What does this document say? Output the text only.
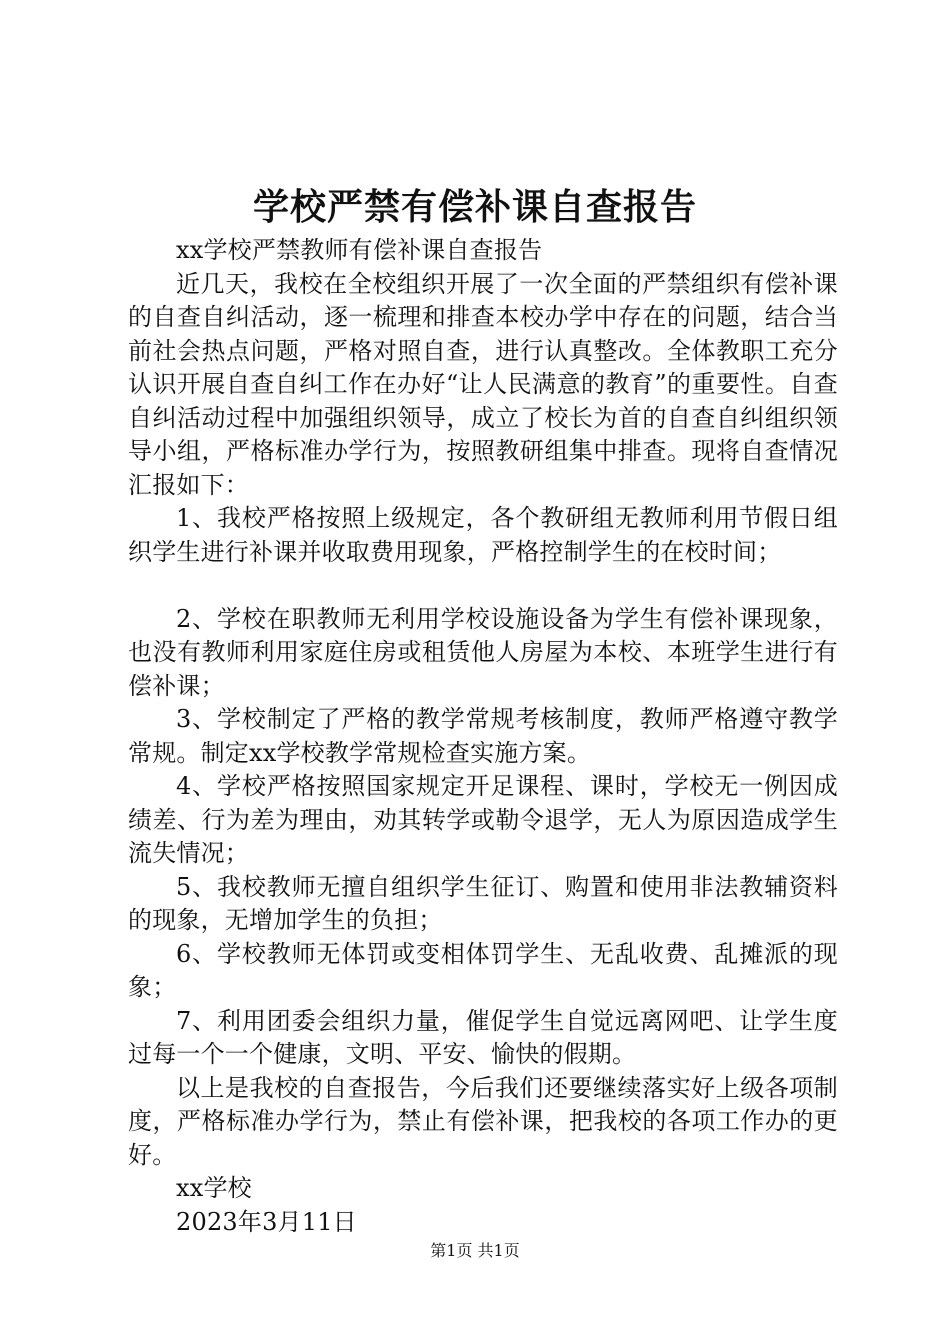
学校严禁有偿补课自查报告

xx学校严禁教师有偿补课自查报告

近几天，我校在全校组织开展了一次全面的严禁组织有偿补课的自查自纠活动，逐一梳理和排查本校办学中存在的问题，结合当前社会热点问题，严格对照自查，进行认真整改。全体教职工充分认识开展自查自纠工作在办好“让人民满意的教育”的重要性。自查自纠活动过程中加强组织领导，成立了校长为首的自查自纠组织领导小组，严格标准办学行为，按照教研组集中排查。现将自查情况汇报如下：

1、我校严格按照上级规定，各个教研组无教师利用节假日组织学生进行补课并收取费用现象，严格控制学生的在校时间；

2、学校在职教师无利用学校设施设备为学生有偿补课现象，也没有教师利用家庭住房或租赁他人房屋为本校、本班学生进行有偿补课；

3、学校制定了严格的教学常规考核制度，教师严格遵守教学常规。制定xx学校教学常规检查实施方案。

4、学校严格按照国家规定开足课程、课时，学校无一例因成绩差、行为差为理由，劝其转学或勒令退学，无人为原因造成学生流失情况；

5、我校教师无擅自组织学生征订、购置和使用非法教辅资料的现象，无增加学生的负担；

6、学校教师无体罚或变相体罚学生、无乱收费、乱摊派的现象；

7、利用团委会组织力量，催促学生自觉远离网吧、让学生度过每一个一个健康，文明、平安、愉快的假期。

以上是我校的自查报告，今后我们还要继续落实好上级各项制度，严格标准办学行为，禁止有偿补课，把我校的各项工作办的更好。

xx学校

2023年3月11日

第1页 共1页
